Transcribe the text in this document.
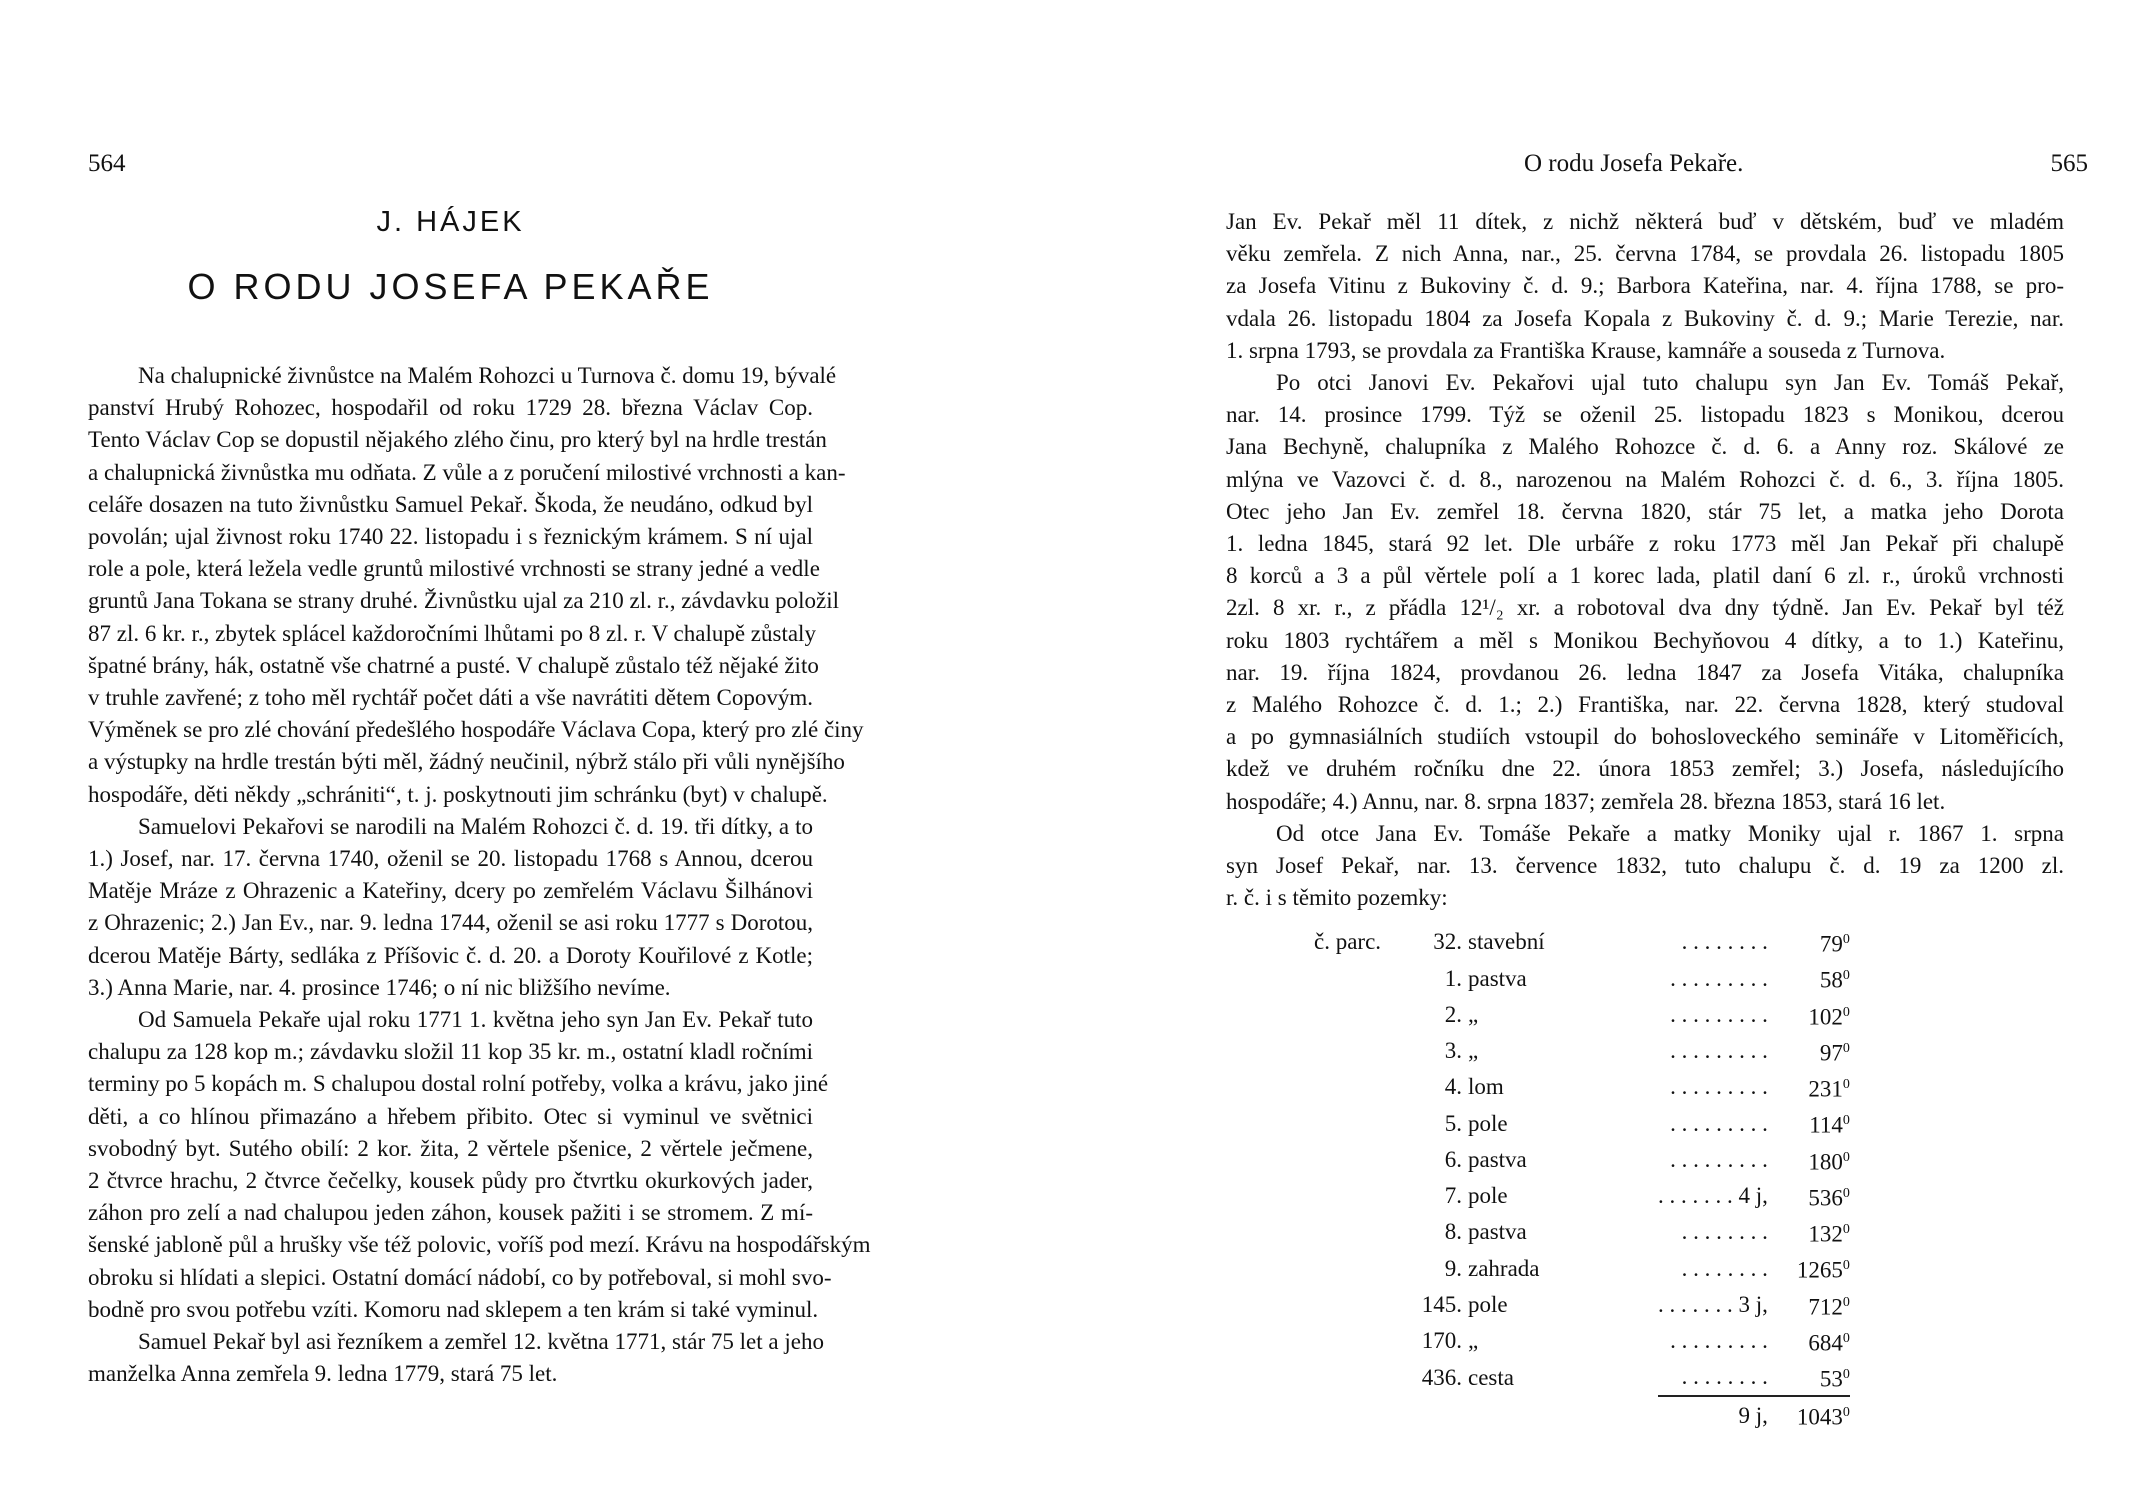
564
J. HÁJEK
O RODU JOSEFA PEKAŘE
Na chalupnické živnůstce na Malém Rohozci u Turnova č. domu 19, bývalé
panství Hrubý Rohozec, hospodařil od roku 1729 28. března Václav Cop.
Tento Václav Cop se dopustil nějakého zlého činu, pro který byl na hrdle trestán
a chalupnická živnůstka mu odňata. Z vůle a z poručení milostivé vrchnosti a kan-
celáře dosazen na tuto živnůstku Samuel Pekař. Škoda, že neudáno, odkud byl
povolán; ujal živnost roku 1740 22. listopadu i s řeznickým krámem. S ní ujal
role a pole, která ležela vedle gruntů milostivé vrchnosti se strany jedné a vedle
gruntů Jana Tokana se strany druhé. Živnůstku ujal za 210 zl. r., závdavku položil
87 zl. 6 kr. r., zbytek splácel každoročními lhůtami po 8 zl. r. V chalupě zůstaly
špatné brány, hák, ostatně vše chatrné a pusté. V chalupě zůstalo též nějaké žito
v truhle zavřené; z toho měl rychtář počet dáti a vše navrátiti dětem Copovým.
Výměnek se pro zlé chování předešlého hospodáře Václava Copa, který pro zlé činy
a výstupky na hrdle trestán býti měl, žádný neučinil, nýbrž stálo při vůli nynějšího
hospodáře, děti někdy „schrániti“, t. j. poskytnouti jim schránku (byt) v chalupě.
Samuelovi Pekařovi se narodili na Malém Rohozci č. d. 19. tři dítky, a to
1.) Josef, nar. 17. června 1740, oženil se 20. listopadu 1768 s Annou, dcerou
Matěje Mráze z Ohrazenic a Kateřiny, dcery po zemřelém Václavu Šilhánovi
z Ohrazenic; 2.) Jan Ev., nar. 9. ledna 1744, oženil se asi roku 1777 s Dorotou,
dcerou Matěje Bárty, sedláka z Příšovic č. d. 20. a Doroty Kouřilové z Kotle;
3.) Anna Marie, nar. 4. prosince 1746; o ní nic bližšího nevíme.
Od Samuela Pekaře ujal roku 1771 1. května jeho syn Jan Ev. Pekař tuto
chalupu za 128 kop m.; závdavku složil 11 kop 35 kr. m., ostatní kladl ročními
terminy po 5 kopách m. S chalupou dostal rolní potřeby, volka a krávu, jako jiné
děti, a co hlínou přimazáno a hřebem přibito. Otec si vyminul ve světnici
svobodný byt. Sutého obilí: 2 kor. žita, 2 věrtele pšenice, 2 věrtele ječmene,
2 čtvrce hrachu, 2 čtvrce čečelky, kousek půdy pro čtvrtku okurkových jader,
záhon pro zelí a nad chalupou jeden záhon, kousek pažiti i se stromem. Z mí-
šenské jabloně půl a hrušky vše též polovic, voříš pod mezí. Krávu na hospodářským
obroku si hlídati a slepici. Ostatní domácí nádobí, co by potřeboval, si mohl svo-
bodně pro svou potřebu vzíti. Komoru nad sklepem a ten krám si také vyminul.
Samuel Pekař byl asi řezníkem a zemřel 12. května 1771, stár 75 let a jeho
manželka Anna zemřela 9. ledna 1779, stará 75 let.
O rodu Josefa Pekaře.	565
Jan Ev. Pekař měl 11 dítek, z nichž některá buď v dětském, buď ve mladém
věku zemřela. Z nich Anna, nar., 25. června 1784, se provdala 26. listopadu 1805
za Josefa Vitinu z Bukoviny č. d. 9.; Barbora Kateřina, nar. 4. října 1788, se pro-
vdala 26. listopadu 1804 za Josefa Kopala z Bukoviny č. d. 9.; Marie Terezie, nar.
1. srpna 1793, se provdala za Františka Krause, kamnáře a souseda z Turnova.
Po otci Janovi Ev. Pekařovi ujal tuto chalupu syn Jan Ev. Tomáš Pekař,
nar. 14. prosince 1799. Týž se oženil 25. listopadu 1823 s Monikou, dcerou
Jana Bechyně, chalupníka z Malého Rohozce č. d. 6. a Anny roz. Skálové ze
mlýna ve Vazovci č. d. 8., narozenou na Malém Rohozci č. d. 6., 3. října 1805.
Otec jeho Jan Ev. zemřel 18. června 1820, stár 75 let, a matka jeho Dorota
1. ledna 1845, stará 92 let. Dle urbáře z roku 1773 měl Jan Pekař při chalupě
8 korců a 3 a půl věrtele polí a 1 korec lada, platil daní 6 zl. r., úroků vrchnosti
2zl. 8 xr. r., z přádla 12¹/₂ xr. a robotoval dva dny týdně. Jan Ev. Pekař byl též
roku 1803 rychtářem a měl s Monikou Bechyňovou 4 dítky, a to 1.) Kateřinu,
nar. 19. října 1824, provdanou 26. ledna 1847 za Josefa Vitáka, chalupníka
z Malého Rohozce č. d. 1.; 2.) Františka, nar. 22. června 1828, který studoval
a po gymnasiálních studiích vstoupil do bohosloveckého semináře v Litoměřicích,
kdež ve druhém ročníku dne 22. února 1853 zemřel; 3.) Josefa, následujícího
hospodáře; 4.) Annu, nar. 8. srpna 1837; zemřela 28. března 1853, stará 16 let.
Od otce Jana Ev. Tomáše Pekaře a matky Moniky ujal r. 1867 1. srpna
syn Josef Pekař, nar. 13. července 1832, tuto chalupu č. d. 19 za 1200 zl.
r. č. i s těmito pozemky:
č. parc.	32.	stavební	. . . . . . . .	$79^0$
	1.	pastva	. . . . . . . . .	$58^0$
	2.	„	. . . . . . . . .	$102^0$
	3.	„	. . . . . . . . .	$97^0$
	4.	lom	. . . . . . . . .	$231^0$
	5.	pole	. . . . . . . . .	$114^0$
	6.	pastva	. . . . . . . . .	$180^0$
	7.	pole	. . . . . . . 4 j,	$536^0$
	8.	pastva	. . . . . . . .	$132^0$
	9.	zahrada	. . . . . . . .	1265$^0$
	145.	pole	. . . . . . . 3 j,	$712^0$
	170.	„	. . . . . . . . .	$684^0$
	436.	cesta	. . . . . . . .	$53^0$
			9 j,	1043$^0$
